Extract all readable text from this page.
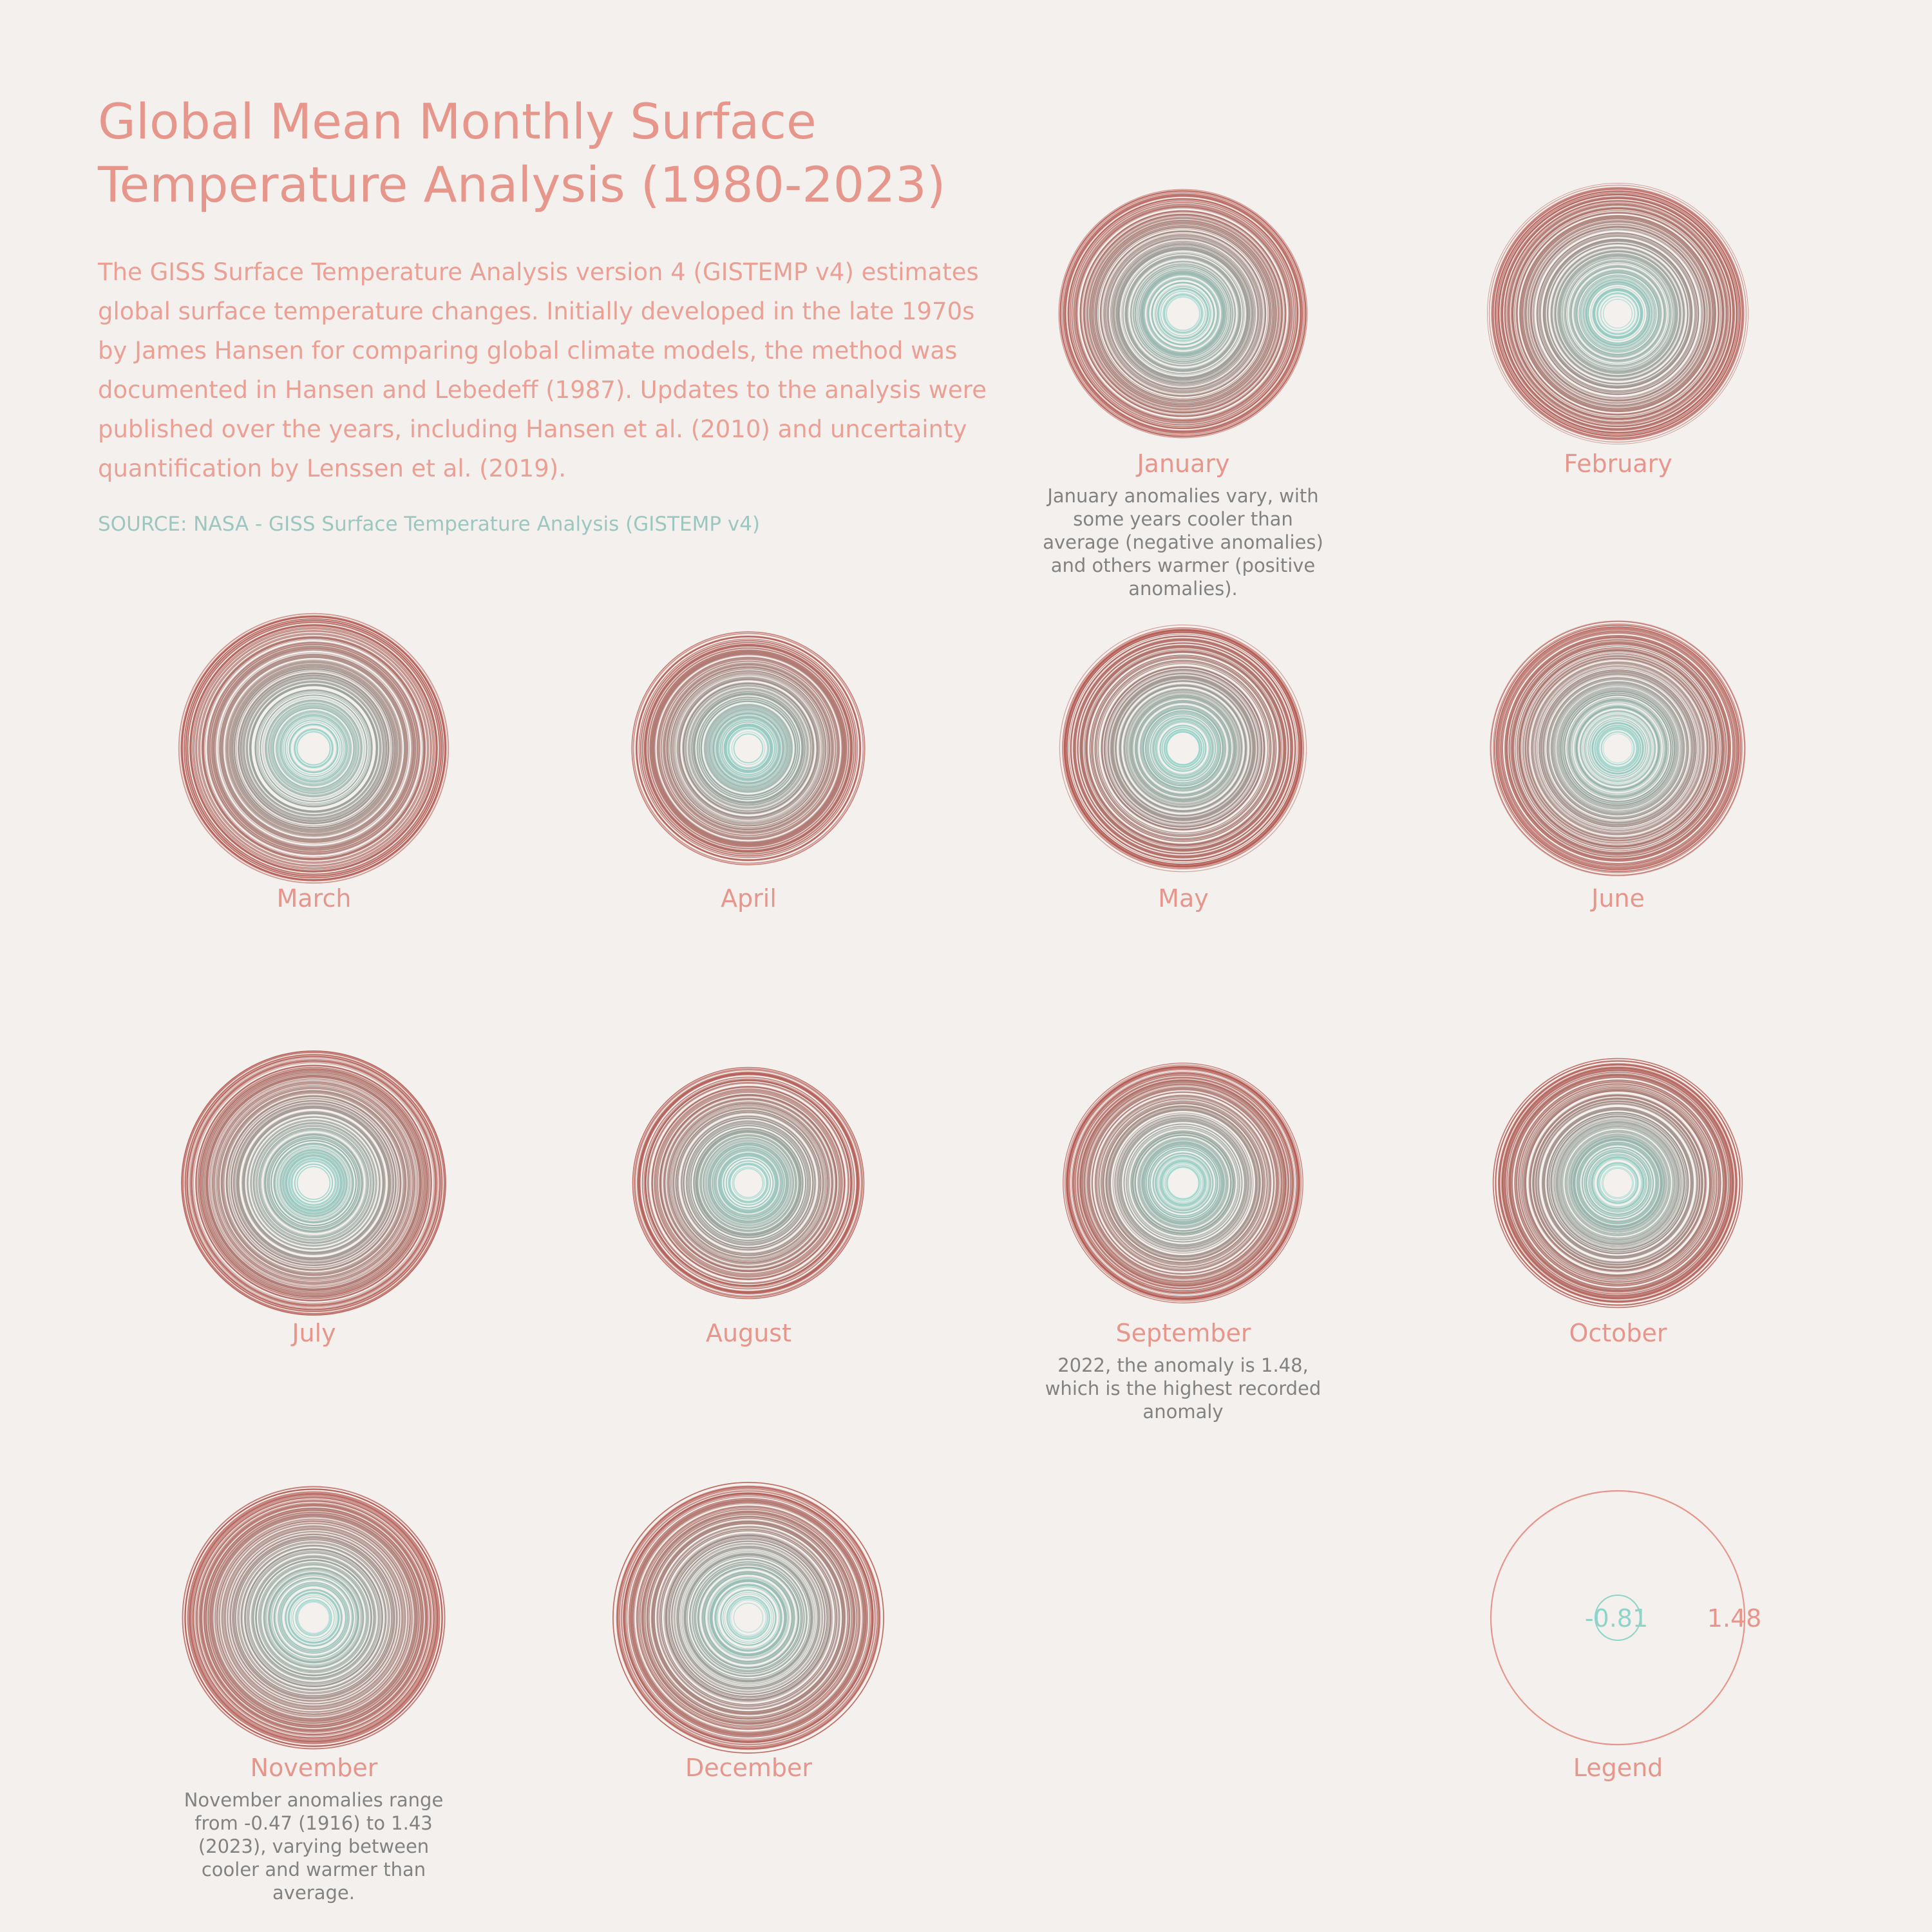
Global Mean Monthly Surface
Temperature Analysis (1980-2023)

The GISS Surface Temperature Analysis version 4 (GISTEMP v4) estimates global surface temperature changes. Initially developed in the late 1970s by James Hansen for comparing global climate models, the method was documented in Hansen and Lebedeff (1987). Updates to the analysis were published over the years, including Hansen et al. (2010) and uncertainty quantification by Lenssen et al. (2019).

SOURCE: NASA - GISS Surface Temperature Analysis (GISTEMP v4)

January
January anomalies vary, with some years cooler than average (negative anomalies) and others warmer (positive anomalies).
February
March	April	May	June
July	August	September
2022, the anomaly is 1.48, which is the highest recorded anomaly
October
November
November anomalies range from -0.47 (1916) to 1.43 (2023), varying between cooler and warmer than average.
December
-0.81 1.48
Legend
